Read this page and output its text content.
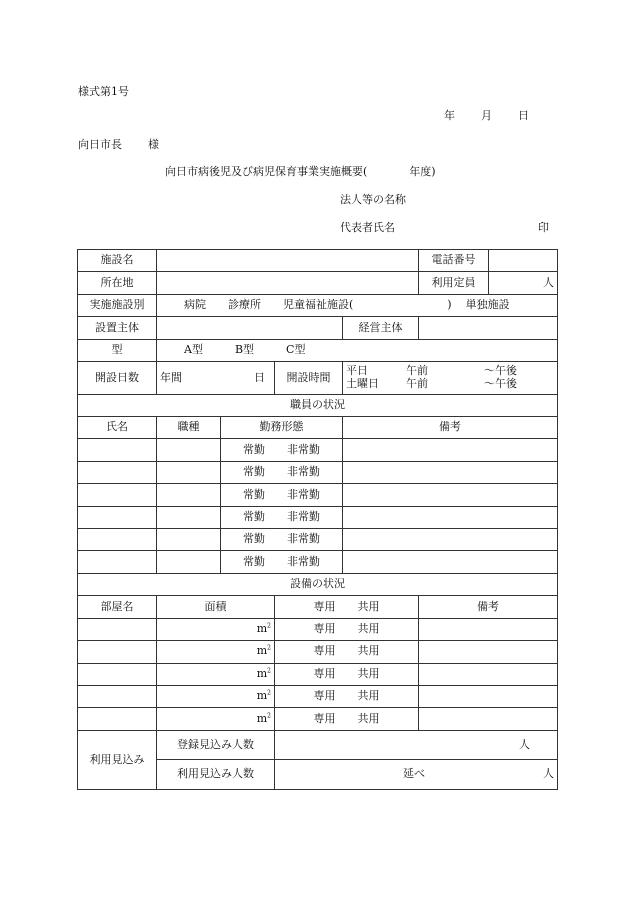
様式第1号
年 月 日
向日市長 様
向日市病後児及び病児保育事業実施概要(	年度)
法人等の名称
代表者氏名	印
施設名					電話番号	
所在地					利用定員	人
実施施設別	病院 診療所 児童福祉施設( ) 単独施設					
設置主体				経営主体		
型	A型 B型 C型					
開設日数	年間 日		開設時間	平日 午前 ～午後
土曜日 午前 ～午後		

職員の状況						
氏名	職種	勤務形態		備考		
		常勤 非常勤				
		常勤 非常勤				
		常勤 非常勤				
		常勤 非常勤				
		常勤 非常勤				
		常勤 非常勤				
設備の状況						
部屋名	面積		専用　　共用		備考	
	$m^2$		専用 共用			
	$m^2$		専用 共用			
	$m^2$		専用 共用			
	$m^2$		専用 共用			
	$m^2$		専用 共用			
利用見込み	登録見込み人数		人			
	利用見込み人数		延べ 人			
